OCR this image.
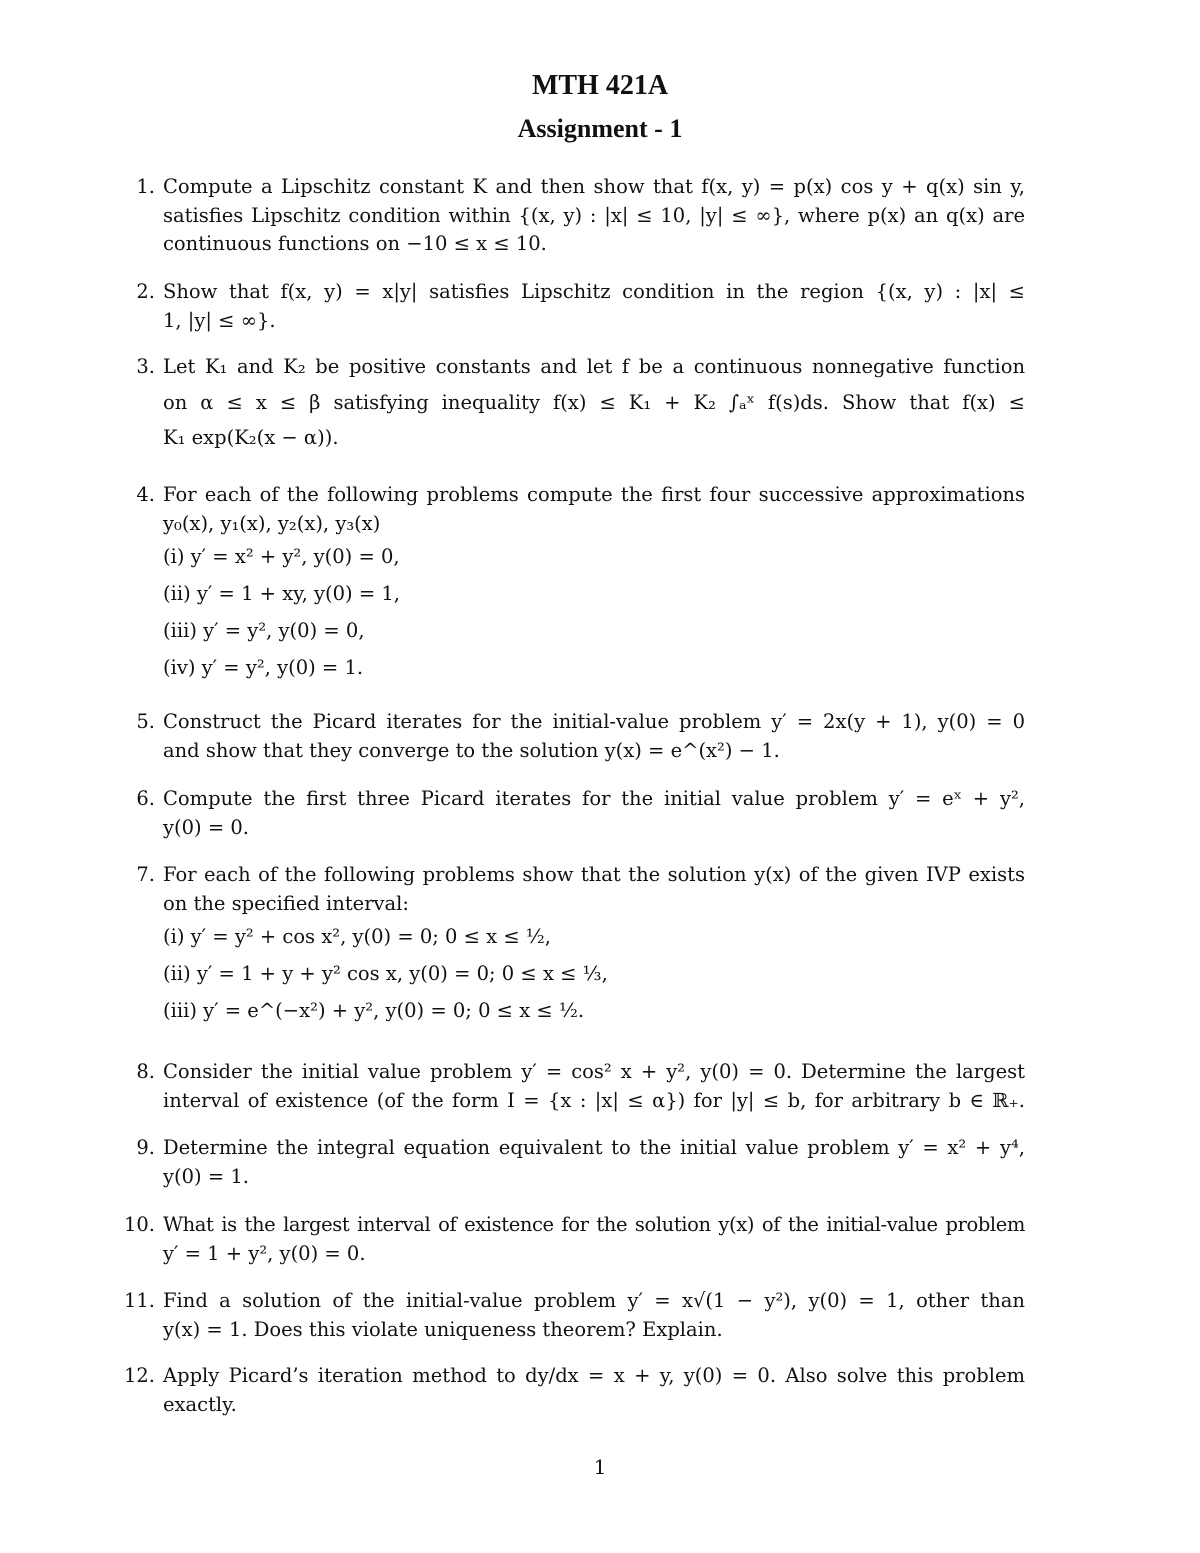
MTH 421A
Assignment - 1
1. Compute a Lipschitz constant K and then show that f(x, y) = p(x) cos y + q(x) sin y,
satisfies Lipschitz condition within {(x, y) : |x| ≤ 10, |y| ≤ ∞}, where p(x) an q(x) are
continuous functions on −10 ≤ x ≤ 10.
2. Show that f(x, y) = x|y| satisfies Lipschitz condition in the region {(x, y) : |x| ≤
1, |y| ≤ ∞}.
3. Let K₁ and K₂ be positive constants and let f be a continuous nonnegative function
on α ≤ x ≤ β satisfying inequality f(x) ≤ K₁ + K₂ ∫ₐˣ f(s)ds. Show that f(x) ≤
K₁ exp(K₂(x − α)).
4. For each of the following problems compute the first four successive approximations
y₀(x), y₁(x), y₂(x), y₃(x)
(i) y′ = x² + y², y(0) = 0,
(ii) y′ = 1 + xy, y(0) = 1,
(iii) y′ = y², y(0) = 0,
(iv) y′ = y², y(0) = 1.
5. Construct the Picard iterates for the initial-value problem y′ = 2x(y + 1), y(0) = 0
and show that they converge to the solution y(x) = e^(x²) − 1.
6. Compute the first three Picard iterates for the initial value problem y′ = eˣ + y²,
y(0) = 0.
7. For each of the following problems show that the solution y(x) of the given IVP exists
on the specified interval:
(i) y′ = y² + cos x², y(0) = 0; 0 ≤ x ≤ ½,
(ii) y′ = 1 + y + y² cos x, y(0) = 0; 0 ≤ x ≤ ⅓,
(iii) y′ = e^(−x²) + y², y(0) = 0; 0 ≤ x ≤ ½.
8. Consider the initial value problem y′ = cos² x + y², y(0) = 0. Determine the largest
interval of existence (of the form I = {x : |x| ≤ α}) for |y| ≤ b, for arbitrary b ∈ ℝ₊.
9. Determine the integral equation equivalent to the initial value problem y′ = x² + y⁴,
y(0) = 1.
10. What is the largest interval of existence for the solution y(x) of the initial-value problem
y′ = 1 + y², y(0) = 0.
11. Find a solution of the initial-value problem y′ = x√(1 − y²), y(0) = 1, other than
y(x) = 1. Does this violate uniqueness theorem? Explain.
12. Apply Picard’s iteration method to dy/dx = x + y, y(0) = 0. Also solve this problem
exactly.
1
